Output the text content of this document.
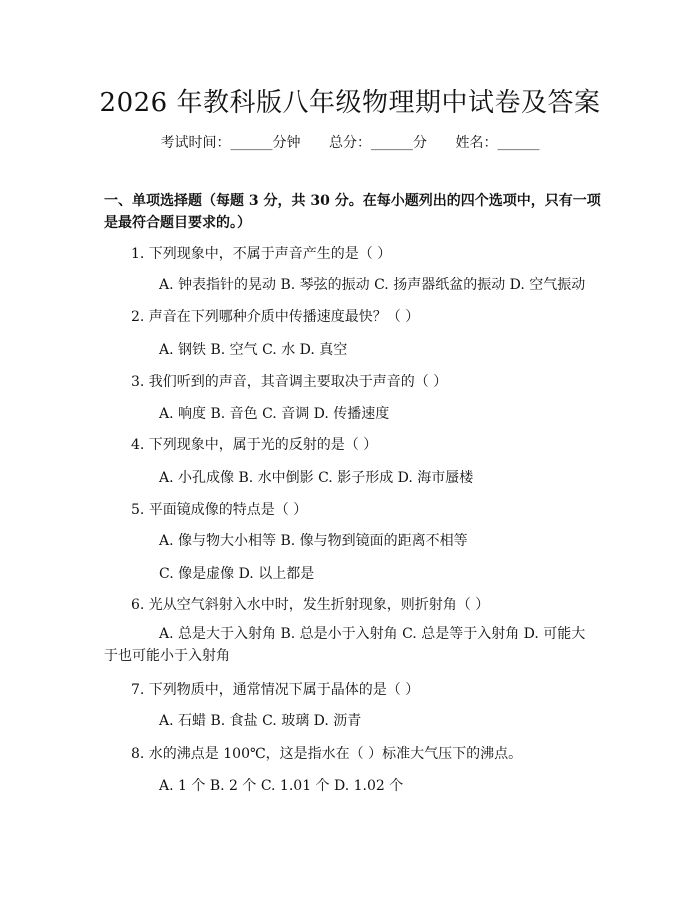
2026 年教科版八年级物理期中试卷及答案
考试时间：______分钟 总分：______分 姓名：______
一、单项选择题（每题 3 分，共 30 分。在每小题列出的四个选项中，只有一项是最符合题目要求的。）
1. 下列现象中，不属于声音产生的是（ ）
A. 钟表指针的晃动 B. 琴弦的振动 C. 扬声器纸盆的振动 D. 空气振动
2. 声音在下列哪种介质中传播速度最快？（ ）
A. 钢铁 B. 空气 C. 水 D. 真空
3. 我们听到的声音，其音调主要取决于声音的（ ）
A. 响度 B. 音色 C. 音调 D. 传播速度
4. 下列现象中，属于光的反射的是（ ）
A. 小孔成像 B. 水中倒影 C. 影子形成 D. 海市蜃楼
5. 平面镜成像的特点是（ ）
A. 像与物大小相等 B. 像与物到镜面的距离不相等
C. 像是虚像 D. 以上都是
6. 光从空气斜射入水中时，发生折射现象，则折射角（ ）
A. 总是大于入射角 B. 总是小于入射角 C. 总是等于入射角 D. 可能大于也可能小于入射角
7. 下列物质中，通常情况下属于晶体的是（ ）
A. 石蜡 B. 食盐 C. 玻璃 D. 沥青
8. 水的沸点是 100℃，这是指水在（ ）标准大气压下的沸点。
A. 1 个 B. 2 个 C. 1.01 个 D. 1.02 个
